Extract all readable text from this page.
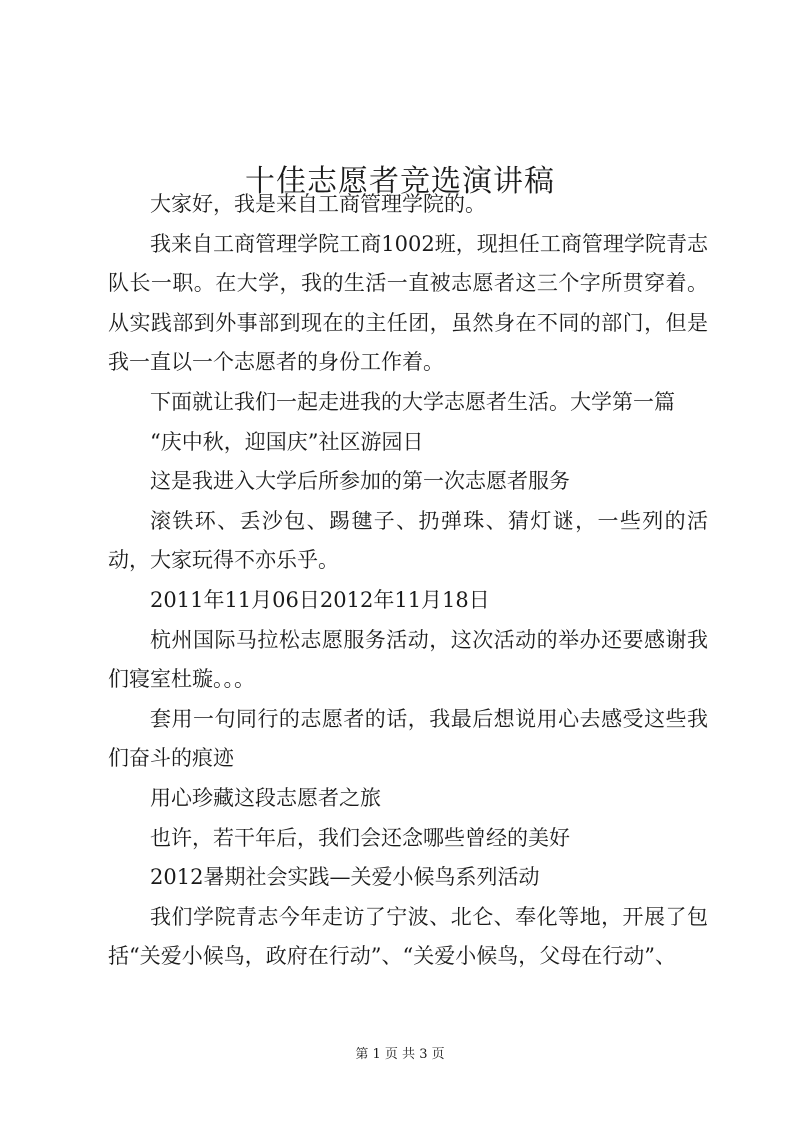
十佳志愿者竞选演讲稿

大家好，我是来自工商管理学院的。

我来自工商管理学院工商1002班，现担任工商管理学院青志队长一职。在大学，我的生活一直被志愿者这三个字所贯穿着。从实践部到外事部到现在的主任团，虽然身在不同的部门，但是我一直以一个志愿者的身份工作着。

下面就让我们一起走进我的大学志愿者生活。大学第一篇

“庆中秋，迎国庆”社区游园日

这是我进入大学后所参加的第一次志愿者服务

滚铁环、丢沙包、踢毽子、扔弹珠、猜灯谜，一些列的活动，大家玩得不亦乐乎。

2011年11月06日2012年11月18日

杭州国际马拉松志愿服务活动，这次活动的举办还要感谢我们寝室杜璇。。。

套用一句同行的志愿者的话，我最后想说用心去感受这些我们奋斗的痕迹

用心珍藏这段志愿者之旅

也许，若干年后，我们会还念哪些曾经的美好

2012暑期社会实践—关爱小候鸟系列活动

我们学院青志今年走访了宁波、北仑、奉化等地，开展了包括“关爱小候鸟，政府在行动”、“关爱小候鸟，父母在行动”、

第 1 页 共 3 页
